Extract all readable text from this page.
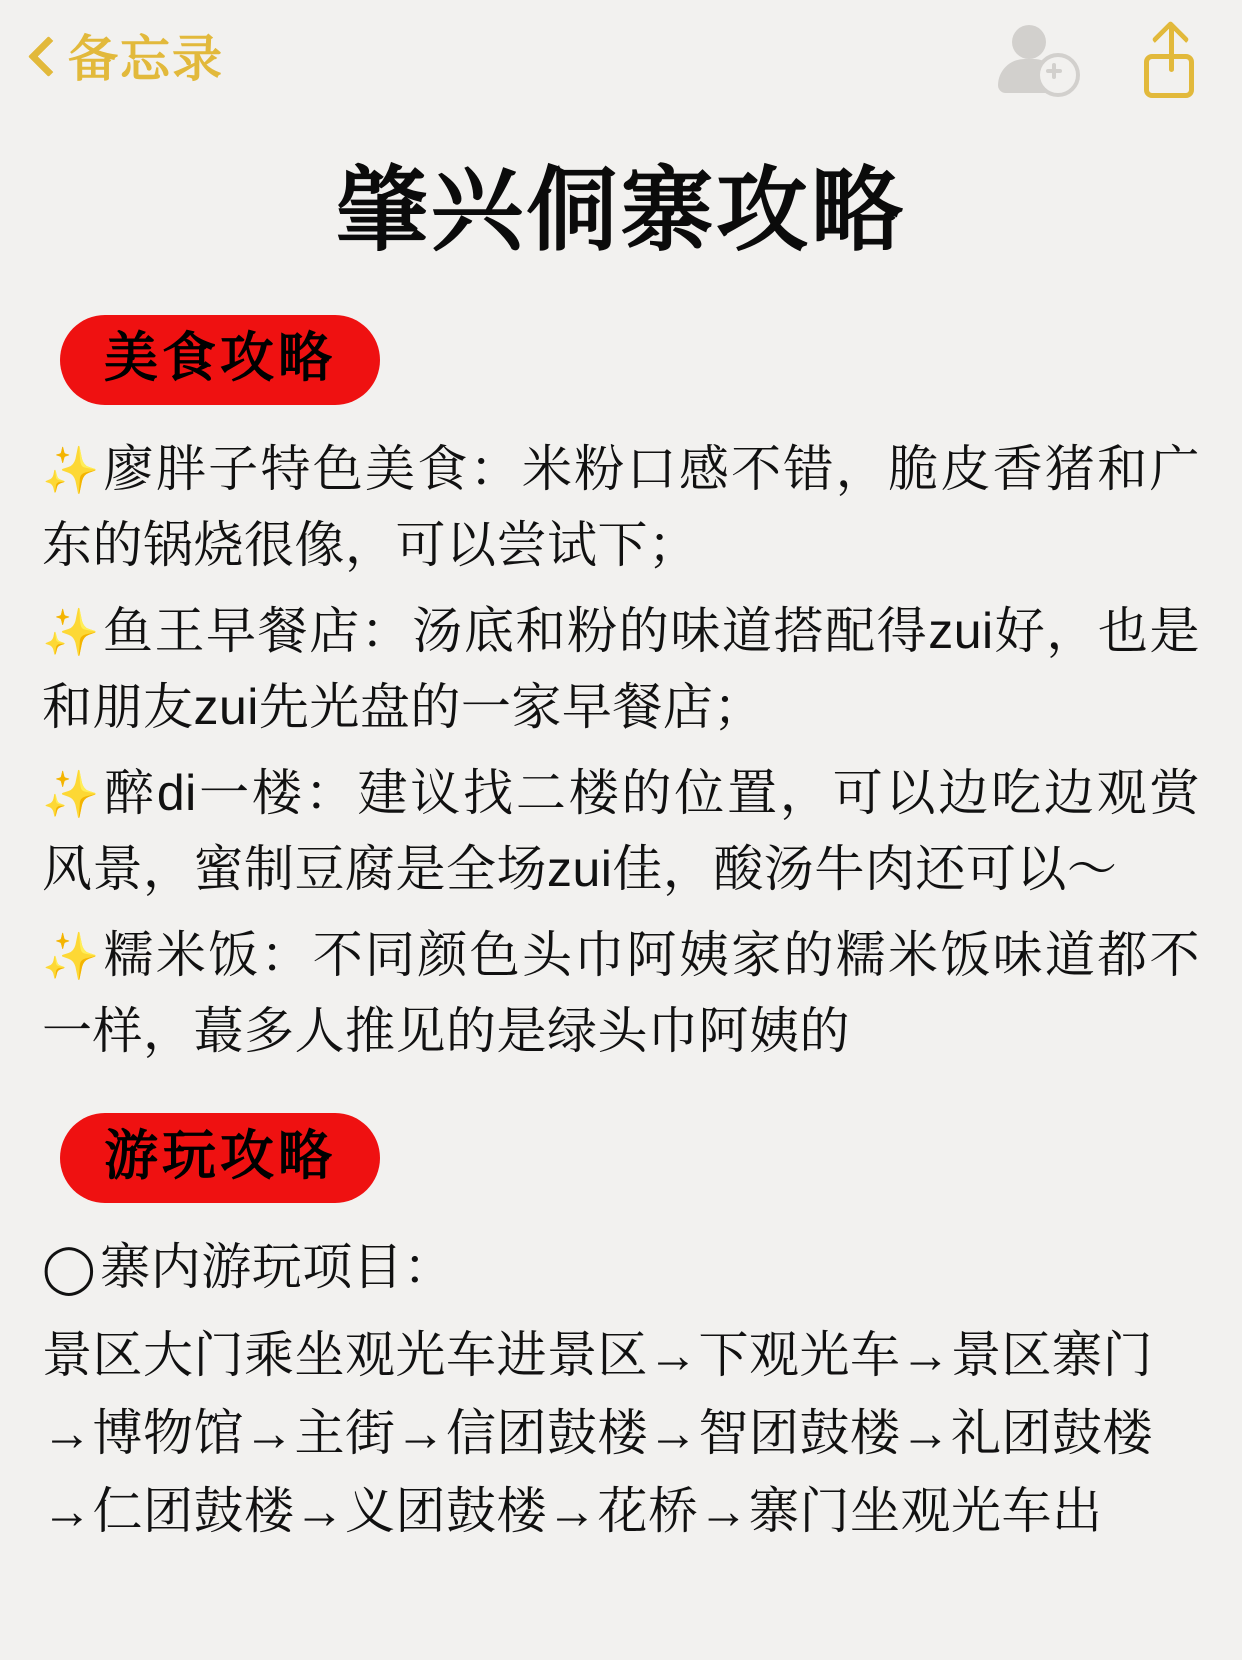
备忘录
肇兴侗寨攻略
美食攻略

✨廖胖子特色美食：米粉口感不错，脆皮香猪和广东的锅烧很像，可以尝试下；

✨鱼王早餐店：汤底和粉的味道搭配得zui好，也是和朋友zui先光盘的一家早餐店；

✨醉di一楼：建议找二楼的位置，可以边吃边观赏风景，蜜制豆腐是全场zui佳，酸汤牛肉还可以～

✨糯米饭：不同颜色头巾阿姨家的糯米饭味道都不一样，蕞多人推见的是绿头巾阿姨的

游玩攻略

◯寨内游玩项目：

景区大门乘坐观光车进景区→下观光车→景区寨门→博物馆→主街→信团鼓楼→智团鼓楼→礼团鼓楼→仁团鼓楼→义团鼓楼→花桥→寨门坐观光车出
